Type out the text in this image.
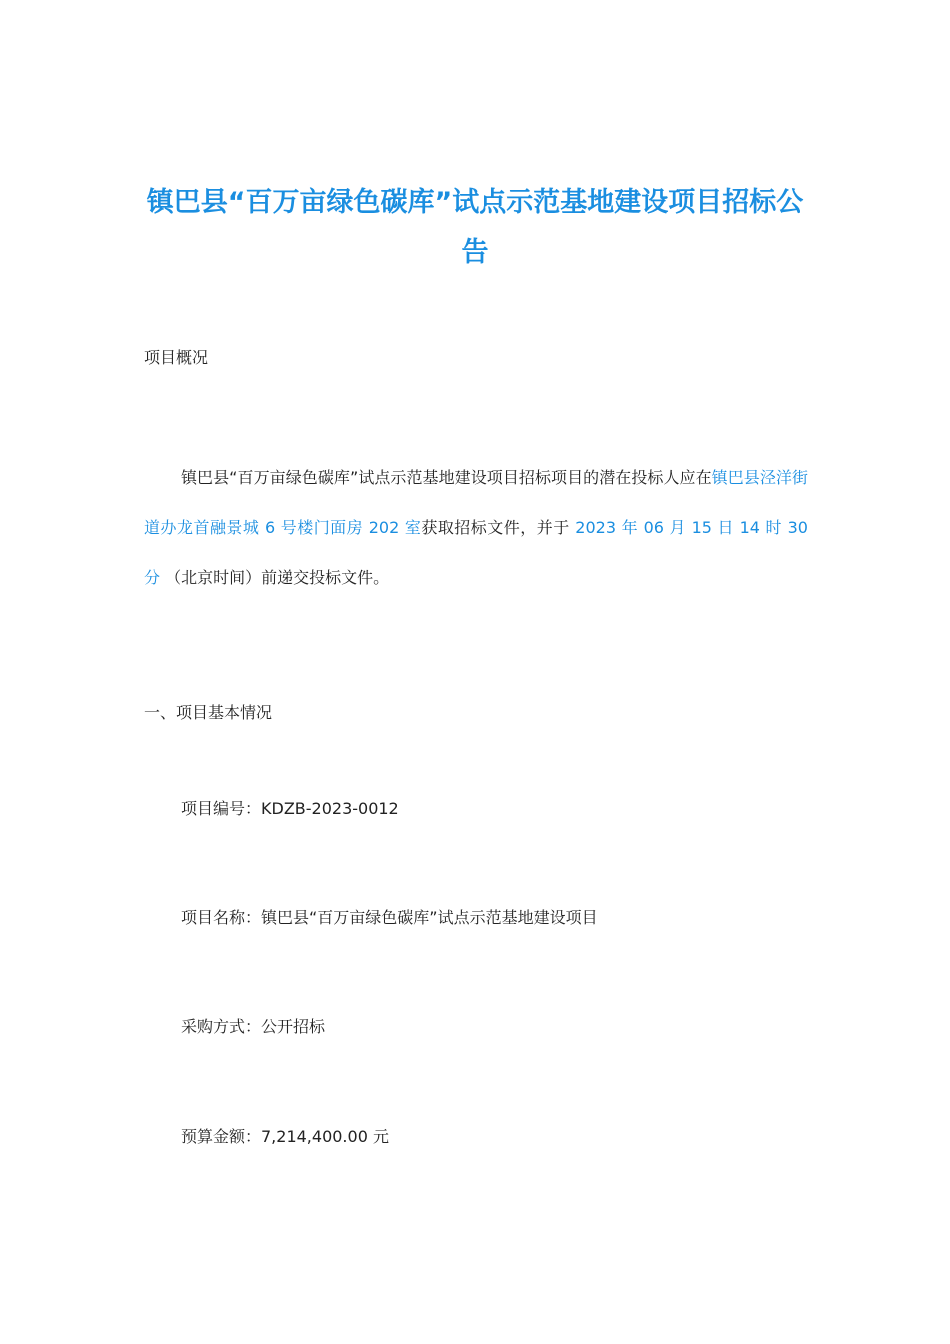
镇巴县“百万亩绿色碳库”试点示范基地建设项目招标公告

项目概况

镇巴县“百万亩绿色碳库”试点示范基地建设项目招标项目的潜在投标人应在镇巴县泾洋街道办龙首融景城 6 号楼门面房 202 室获取招标文件，并于 2023 年 06 月 15 日 14 时 30 分 （北京时间）前递交投标文件。

一、项目基本情况

项目编号：KDZB-2023-0012

项目名称：镇巴县“百万亩绿色碳库”试点示范基地建设项目

采购方式：公开招标

预算金额：7,214,400.00 元
